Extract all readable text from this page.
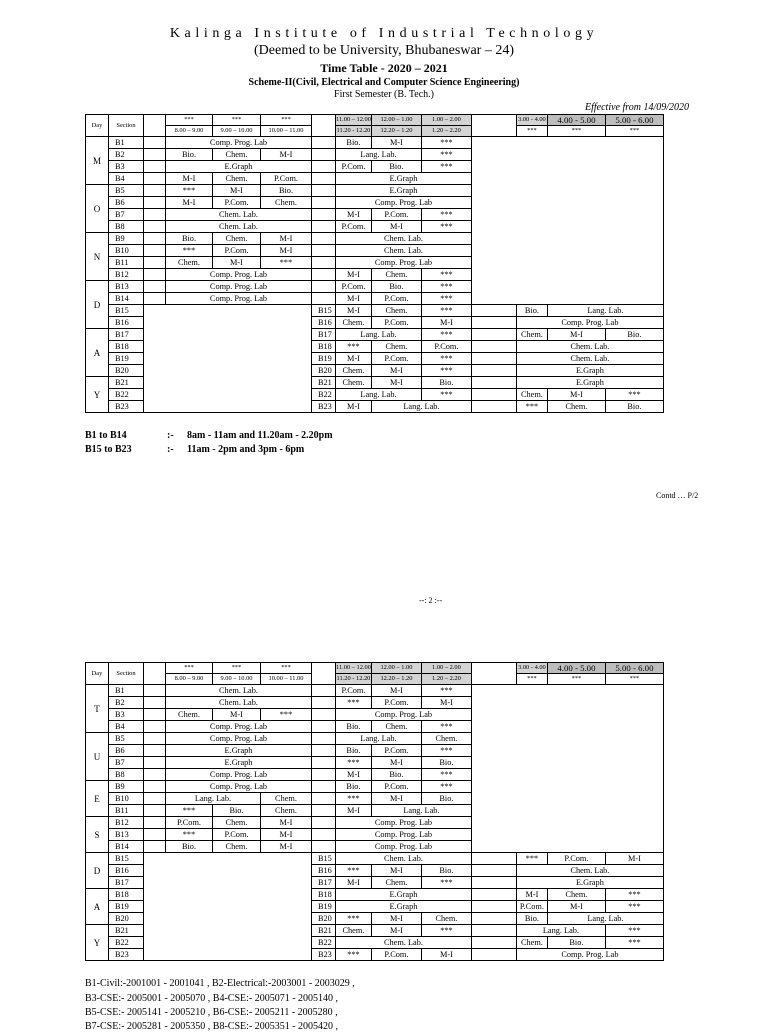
Kalinga Institute of Industrial Technology
(Deemed to be University, Bhubaneswar – 24)
Time Table - 2020 – 2021
Scheme-II(Civil, Electrical and Computer Science Engineering)
First Semester (B. Tech.)
Effective from 14/09/2020
Day	Section		***	***	***		11.00 – 12.00	12.00 – 1.00	1.00 – 2.00		3.00 - 4.00	4.00 - 5.00	5.00 - 6.00
			8.00 – 9.00	9.00 – 10.00	10.00 – 11.00		11.20 - 12.20	12.20 – 1.20	1.20 – 2.20		***	***	***
M	B1		Comp. Prog. Lab				Bio.	M-I	***				
	B2		Bio.	Chem.	M-I		Lang. Lab.		***				
	B3		E.Graph				P.Com.	Bio.	***				
	B4		M-I	Chem.	P.Com.		E.Graph						
O	B5		***	M-I	Bio.		E.Graph						
	B6		M-I	P.Com.	Chem.		Comp. Prog. Lab						
	B7		Chem. Lab.				M-I	P.Com.	***				
	B8		Chem. Lab.				P.Com.	M-I	***				
N	B9		Bio.	Chem.	M-I		Chem. Lab.						
	B10		***	P.Com.	M-I		Chem. Lab.						
	B11		Chem.	M-I	***		Comp. Prog. Lab						
	B12		Comp. Prog. Lab				M-I	Chem.	***				
D	B13		Comp. Prog. Lab				P.Com.	Bio.	***				
	B14		Comp. Prog. Lab				M-I	P.Com.	***				
	B15					B15	M-I	Chem.	***		Bio.	Lang. Lab.	
	B16					B16	Chem.	P.Com.	M-I		Comp. Prog. Lab		
A	B17					B17	Lang. Lab.		***		Chem.	M-I	Bio.
	B18					B18	***	Chem.	P.Com.		Chem. Lab.		
	B19					B19	M-I	P.Com.	***		Chem. Lab.		
	B20					B20	Chem.	M-I	***		E.Graph		
Y	B21					B21	Chem.	M-I	Bio.		E.Graph		
	B22					B22	Lang. Lab.		***		Chem.	M-I	***
	B23					B23	M-I	Lang. Lab.			***	Chem.	Bio.
B1 to B14	:- 8am - 11am and 11.20am - 2.20pm
B15 to B23	:- 11am - 2pm and 3pm - 6pm
Contd … P/2
--: 2 :--
Day	Section		***	***	***		11.00 – 12.00	12.00 – 1.00	1.00 – 2.00		3.00 - 4.00	4.00 - 5.00	5.00 - 6.00
			8.00 – 9.00	9.00 – 10.00	10.00 – 11.00		11.20 - 12.20	12.20 – 1.20	1.20 – 2.20		***	***	***
T	B1		Chem. Lab.				P.Com.	M-I	***				
	B2		Chem. Lab.				***	P.Com.	M-I				
	B3		Chem.	M-I	***		Comp. Prog. Lab						
	B4		Comp. Prog. Lab				Bio.	Chem.	***				
U	B5		Comp. Prog. Lab				Lang. Lab.		Chem.				
	B6		E.Graph				Bio.	P.Com.	***				
	B7		E.Graph				***	M-I	Bio.				
	B8		Comp. Prog. Lab				M-I	Bio.	***				
E	B9		Comp. Prog. Lab				Bio.	P.Com.	***				
	B10		Lang. Lab.		Chem.		***	M-I	Bio.				
	B11		***	Bio.	Chem.		M-I	Lang. Lab.					
S	B12		P.Com.	Chem.	M-I		Comp. Prog. Lab						
	B13		***	P.Com.	M-I		Comp. Prog. Lab						
	B14		Bio.	Chem.	M-I		Comp. Prog. Lab						
D	B15					B15	Chem. Lab.				***	P.Com.	M-I
	B16					B16	***	M-I	Bio.		Chem. Lab.		
	B17					B17	M-I	Chem.	***		E.Graph		
A	B18					B18	E.Graph				M-I	Chem.	***
	B19					B19	E.Graph				P.Com.	M-I	***
	B20					B20	***	M-I	Chem.		Bio.	Lang. Lab.	
Y	B21					B21	Chem.	M-I	***		Lang. Lab.		***
	B22					B22	Chem. Lab.				Chem.	Bio.	***
	B23					B23	***	P.Com.	M-I		Comp. Prog. Lab		
B1-Civil:-2001001 - 2001041 , B2-Electrical:-2003001 - 2003029 ,
B3-CSE:- 2005001 - 2005070 , B4-CSE:- 2005071 - 2005140 ,
B5-CSE:- 2005141 - 2005210 , B6-CSE:- 2005211 - 2005280 ,
B7-CSE:- 2005281 - 2005350 , B8-CSE:- 2005351 - 2005420 ,
